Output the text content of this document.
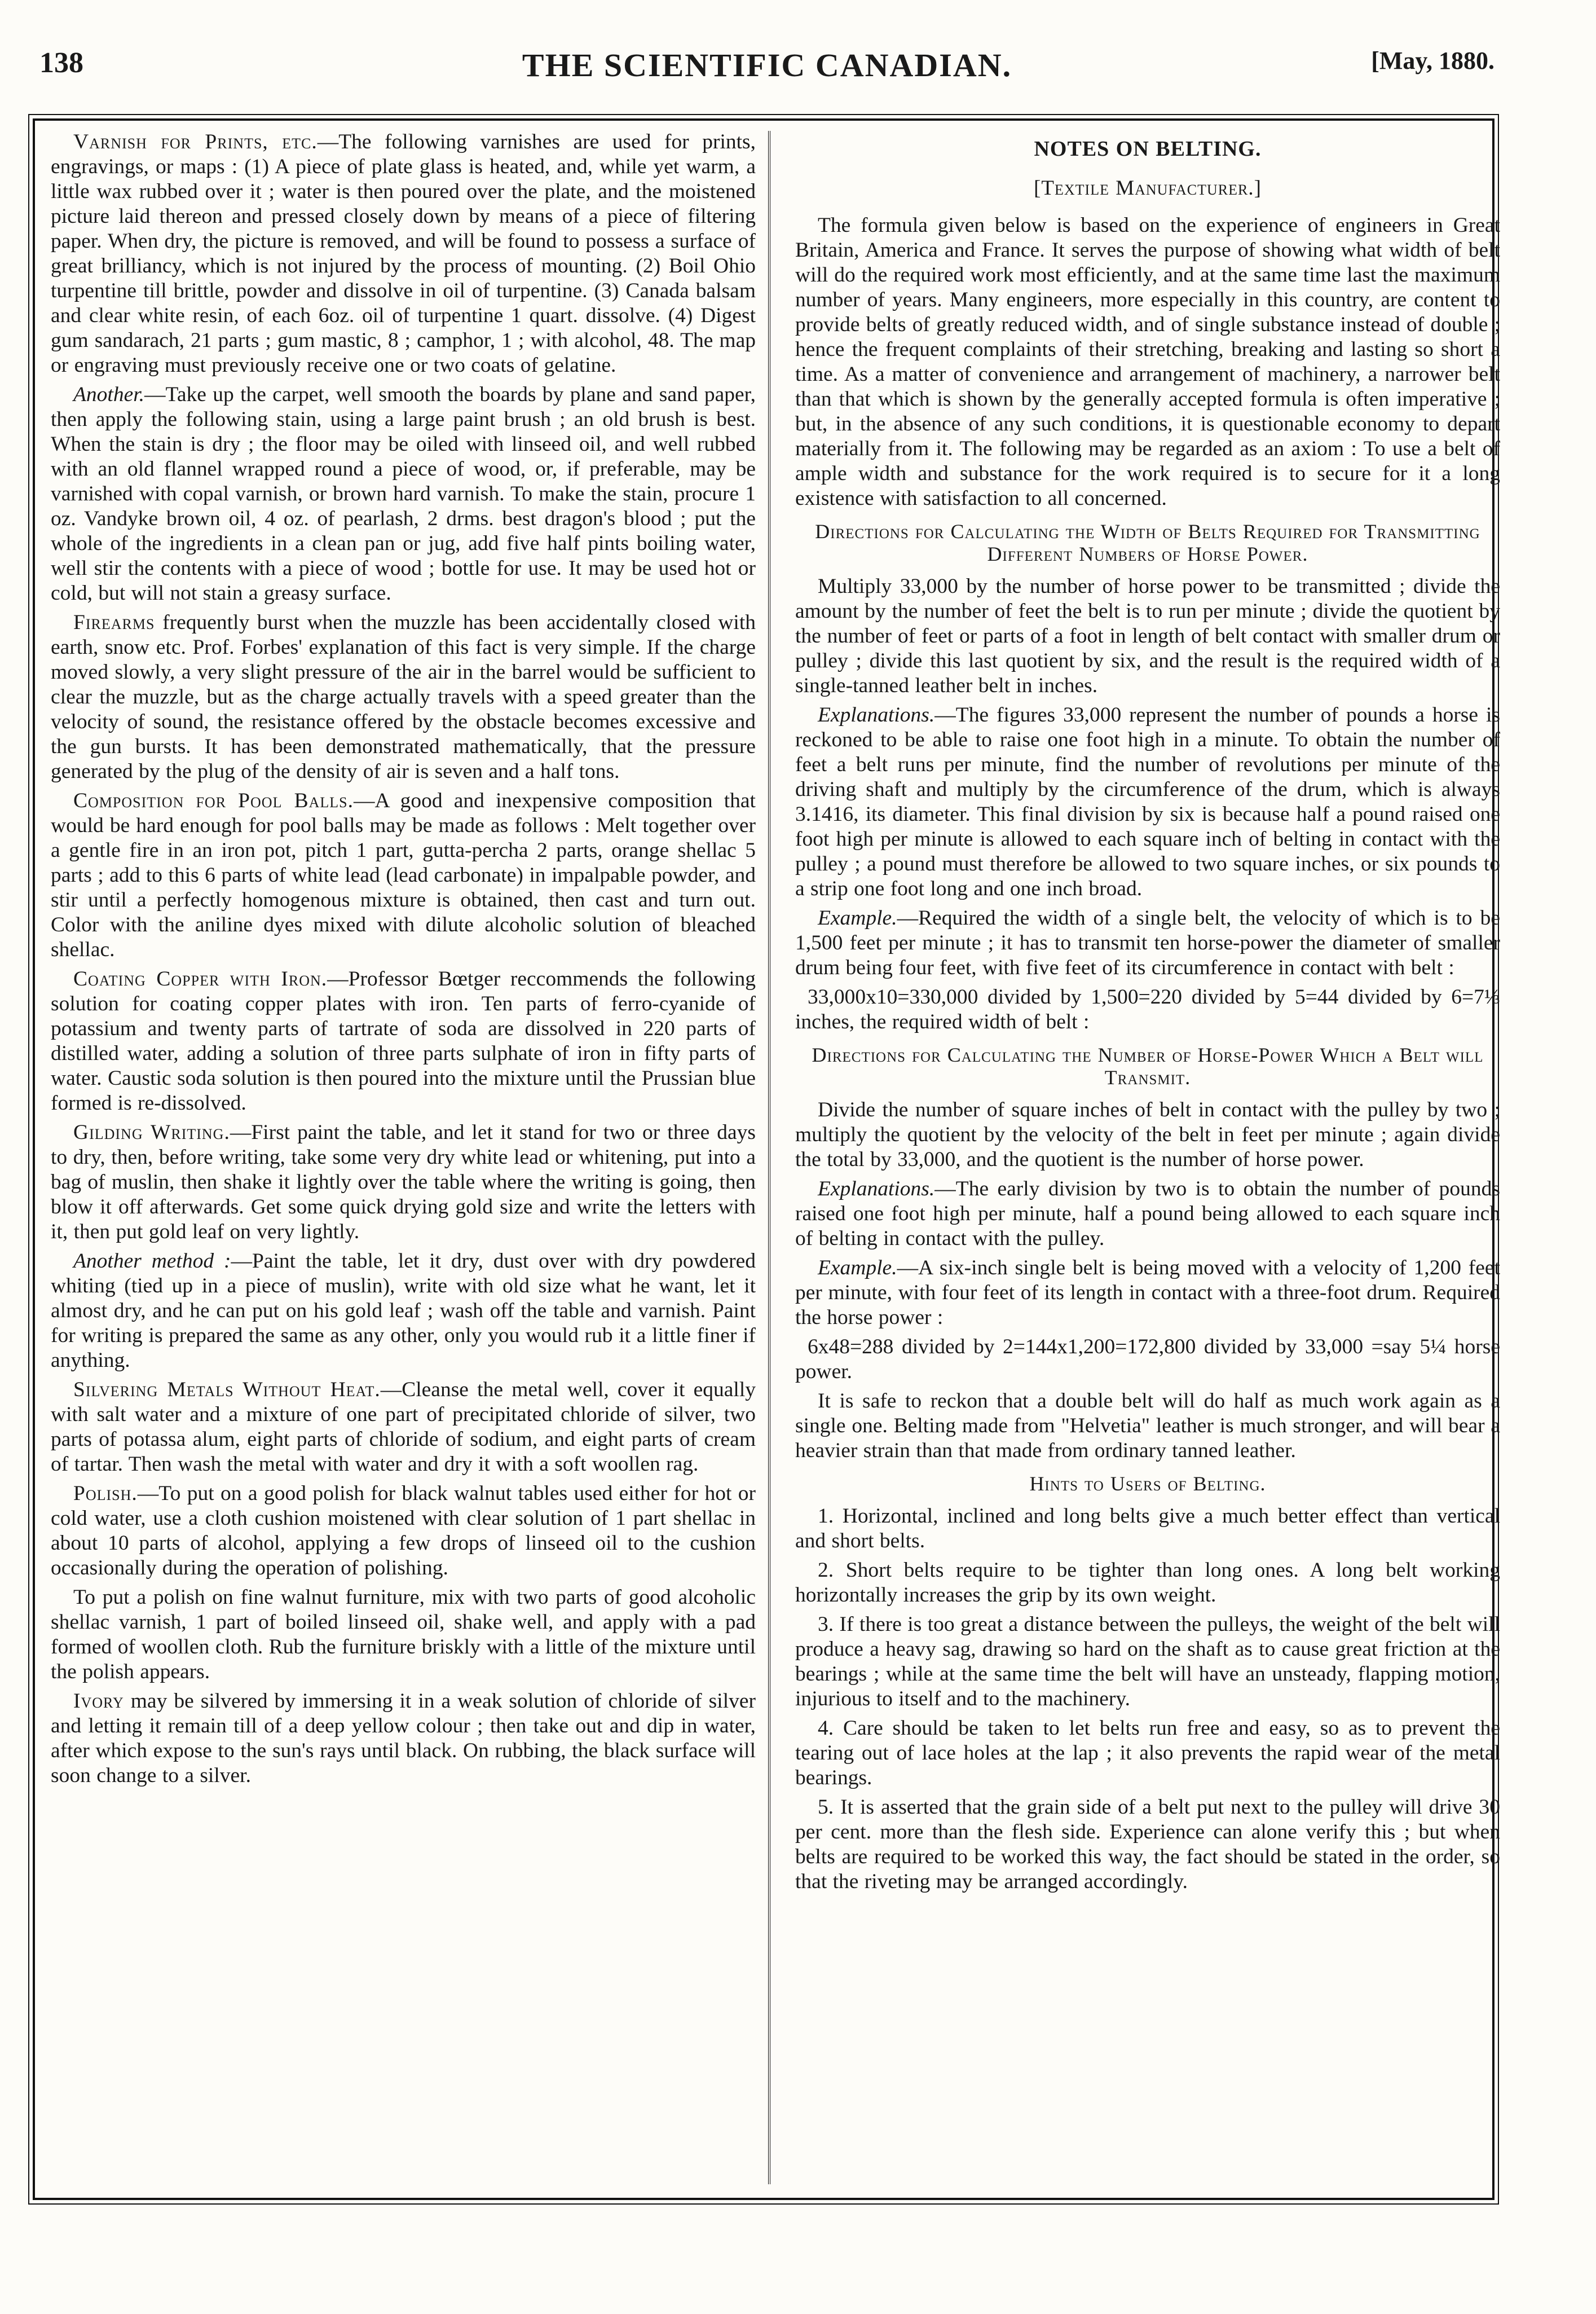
138	THE SCIENTIFIC CANADIAN.	[May, 1880.

Varnish for Prints, etc.—The following varnishes are used for prints, engravings, or maps : (1) A piece of plate glass is heated, and, while yet warm, a little wax rubbed over it ; water is then poured over the plate, and the moistened picture laid thereon and pressed closely down by means of a piece of filtering paper. When dry, the picture is removed, and will be found to possess a surface of great brilliancy, which is not injured by the process of mounting. (2) Boil Ohio turpentine till brittle, powder and dissolve in oil of turpentine. (3) Canada balsam and clear white resin, of each 6oz. oil of turpentine 1 quart. dissolve. (4) Digest gum sandarach, 21 parts ; gum mastic, 8 ; camphor, 1 ; with alcohol, 48. The map or engraving must previously receive one or two coats of gelatine.

Another.—Take up the carpet, well smooth the boards by plane and sand paper, then apply the following stain, using a large paint brush ; an old brush is best. When the stain is dry ; the floor may be oiled with linseed oil, and well rubbed with an old flannel wrapped round a piece of wood, or, if preferable, may be varnished with copal varnish, or brown hard varnish. To make the stain, procure 1 oz. Vandyke brown oil, 4 oz. of pearlash, 2 drms. best dragon's blood ; put the whole of the ingredients in a clean pan or jug, add five half pints boiling water, well stir the contents with a piece of wood ; bottle for use. It may be used hot or cold, but will not stain a greasy surface.

Firearms frequently burst when the muzzle has been accidentally closed with earth, snow etc. Prof. Forbes' explanation of this fact is very simple. If the charge moved slowly, a very slight pressure of the air in the barrel would be sufficient to clear the muzzle, but as the charge actually travels with a speed greater than the velocity of sound, the resistance offered by the obstacle becomes excessive and the gun bursts. It has been demonstrated mathematically, that the pressure generated by the plug of the density of air is seven and a half tons.

Composition for Pool Balls.—A good and inexpensive composition that would be hard enough for pool balls may be made as follows : Melt together over a gentle fire in an iron pot, pitch 1 part, gutta-percha 2 parts, orange shellac 5 parts ; add to this 6 parts of white lead (lead carbonate) in impalpable powder, and stir until a perfectly homogenous mixture is obtained, then cast and turn out. Color with the aniline dyes mixed with dilute alcoholic solution of bleached shellac.

Coating Copper with Iron.—Professor Bœtger reccommends the following solution for coating copper plates with iron. Ten parts of ferro-cyanide of potassium and twenty parts of tartrate of soda are dissolved in 220 parts of distilled water, adding a solution of three parts sulphate of iron in fifty parts of water. Caustic soda solution is then poured into the mixture until the Prussian blue formed is re-dissolved.

Gilding Writing.—First paint the table, and let it stand for two or three days to dry, then, before writing, take some very dry white lead or whitening, put into a bag of muslin, then shake it lightly over the table where the writing is going, then blow it off afterwards. Get some quick drying gold size and write the letters with it, then put gold leaf on very lightly.

Another method :—Paint the table, let it dry, dust over with dry powdered whiting (tied up in a piece of muslin), write with old size what he want, let it almost dry, and he can put on his gold leaf ; wash off the table and varnish. Paint for writing is prepared the same as any other, only you would rub it a little finer if anything.

Silvering Metals Without Heat.—Cleanse the metal well, cover it equally with salt water and a mixture of one part of precipitated chloride of silver, two parts of potassa alum, eight parts of chloride of sodium, and eight parts of cream of tartar. Then wash the metal with water and dry it with a soft woollen rag.

Polish.—To put on a good polish for black walnut tables used either for hot or cold water, use a cloth cushion moistened with clear solution of 1 part shellac in about 10 parts of alcohol, applying a few drops of linseed oil to the cushion occasionally during the operation of polishing.

To put a polish on fine walnut furniture, mix with two parts of good alcoholic shellac varnish, 1 part of boiled linseed oil, shake well, and apply with a pad formed of woollen cloth. Rub the furniture briskly with a little of the mixture until the polish appears.

Ivory may be silvered by immersing it in a weak solution of chloride of silver and letting it remain till of a deep yellow colour ; then take out and dip in water, after which expose to the sun's rays until black. On rubbing, the black surface will soon change to a silver.

NOTES ON BELTING.
[Textile Manufacturer.]

The formula given below is based on the experience of engineers in Great Britain, America and France. It serves the purpose of showing what width of belt will do the required work most efficiently, and at the same time last the maximum number of years. Many engineers, more especially in this country, are content to provide belts of greatly reduced width, and of single substance instead of double ; hence the frequent complaints of their stretching, breaking and lasting so short a time. As a matter of convenience and arrangement of machinery, a narrower belt than that which is shown by the generally accepted formula is often imperative ; but, in the absence of any such conditions, it is questionable economy to depart materially from it. The following may be regarded as an axiom : To use a belt of ample width and substance for the work required is to secure for it a long existence with satisfaction to all concerned.

Directions for Calculating the Width of Belts Required for Transmitting Different Numbers of Horse Power.

Multiply 33,000 by the number of horse power to be transmitted ; divide the amount by the number of feet the belt is to run per minute ; divide the quotient by the number of feet or parts of a foot in length of belt contact with smaller drum or pulley ; divide this last quotient by six, and the result is the required width of a single-tanned leather belt in inches.

Explanations.—The figures 33,000 represent the number of pounds a horse is reckoned to be able to raise one foot high in a minute. To obtain the number of feet a belt runs per minute, find the number of revolutions per minute of the driving shaft and multiply by the circumference of the drum, which is always 3.1416, its diameter. This final division by six is because half a pound raised one foot high per minute is allowed to each square inch of belting in contact with the pulley ; a pound must therefore be allowed to two square inches, or six pounds to a strip one foot long and one inch broad.

Example.—Required the width of a single belt, the velocity of which is to be 1,500 feet per minute ; it has to transmit ten horse-power the diameter of smaller drum being four feet, with five feet of its circumference in contact with belt :

33,000x10=330,000 divided by 1,500=220 divided by 5=44 divided by 6=7⅓ inches, the required width of belt :

Directions for Calculating the Number of Horse-Power Which a Belt will Transmit.

Divide the number of square inches of belt in contact with the pulley by two ; multiply the quotient by the velocity of the belt in feet per minute ; again divide the total by 33,000, and the quotient is the number of horse power.

Explanations.—The early division by two is to obtain the number of pounds raised one foot high per minute, half a pound being allowed to each square inch of belting in contact with the pulley.

Example.—A six-inch single belt is being moved with a velocity of 1,200 feet per minute, with four feet of its length in contact with a three-foot drum. Required the horse power :

6x48=288 divided by 2=144x1,200=172,800 divided by 33,000 =say 5¼ horse power.

It is safe to reckon that a double belt will do half as much work again as a single one. Belting made from "Helvetia" leather is much stronger, and will bear a heavier strain than that made from ordinary tanned leather.

Hints to Users of Belting.

1. Horizontal, inclined and long belts give a much better effect than vertical and short belts.

2. Short belts require to be tighter than long ones. A long belt working horizontally increases the grip by its own weight.

3. If there is too great a distance between the pulleys, the weight of the belt will produce a heavy sag, drawing so hard on the shaft as to cause great friction at the bearings ; while at the same time the belt will have an unsteady, flapping motion, injurious to itself and to the machinery.

4. Care should be taken to let belts run free and easy, so as to prevent the tearing out of lace holes at the lap ; it also prevents the rapid wear of the metal bearings.

5. It is asserted that the grain side of a belt put next to the pulley will drive 30 per cent. more than the flesh side. Experience can alone verify this ; but when belts are required to be worked this way, the fact should be stated in the order, so that the riveting may be arranged accordingly.
